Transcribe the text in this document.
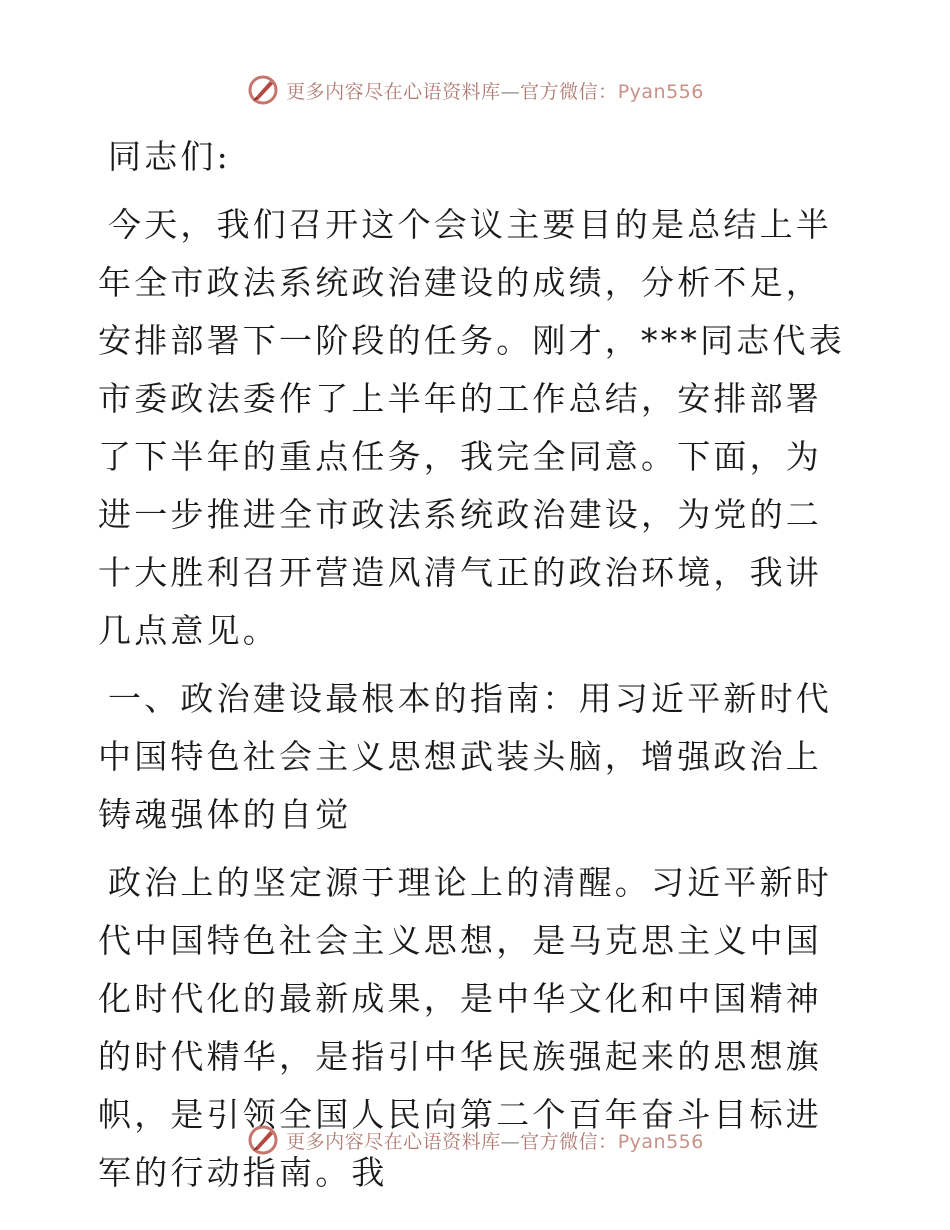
更多内容尽在心语资料库—官方微信：Pyan556

同志们:

今天，我们召开这个会议主要目的是总结上半年全市政法系统政治建设的成绩，分析不足，安排部署下一阶段的任务。刚才，***同志代表市委政法委作了上半年的工作总结，安排部署了下半年的重点任务，我完全同意。下面，为进一步推进全市政法系统政治建设，为党的二十大胜利召开营造风清气正的政治环境，我讲几点意见。

一、政治建设最根本的指南：用习近平新时代中国特色社会主义思想武装头脑，增强政治上铸魂强体的自觉

政治上的坚定源于理论上的清醒。习近平新时代中国特色社会主义思想，是马克思主义中国化时代化的最新成果，是中华文化和中国精神的时代精华，是指引中华民族强起来的思想旗帜，是引领全国人民向第二个百年奋斗目标进军的行动指南。我

更多内容尽在心语资料库—官方微信：Pyan556
